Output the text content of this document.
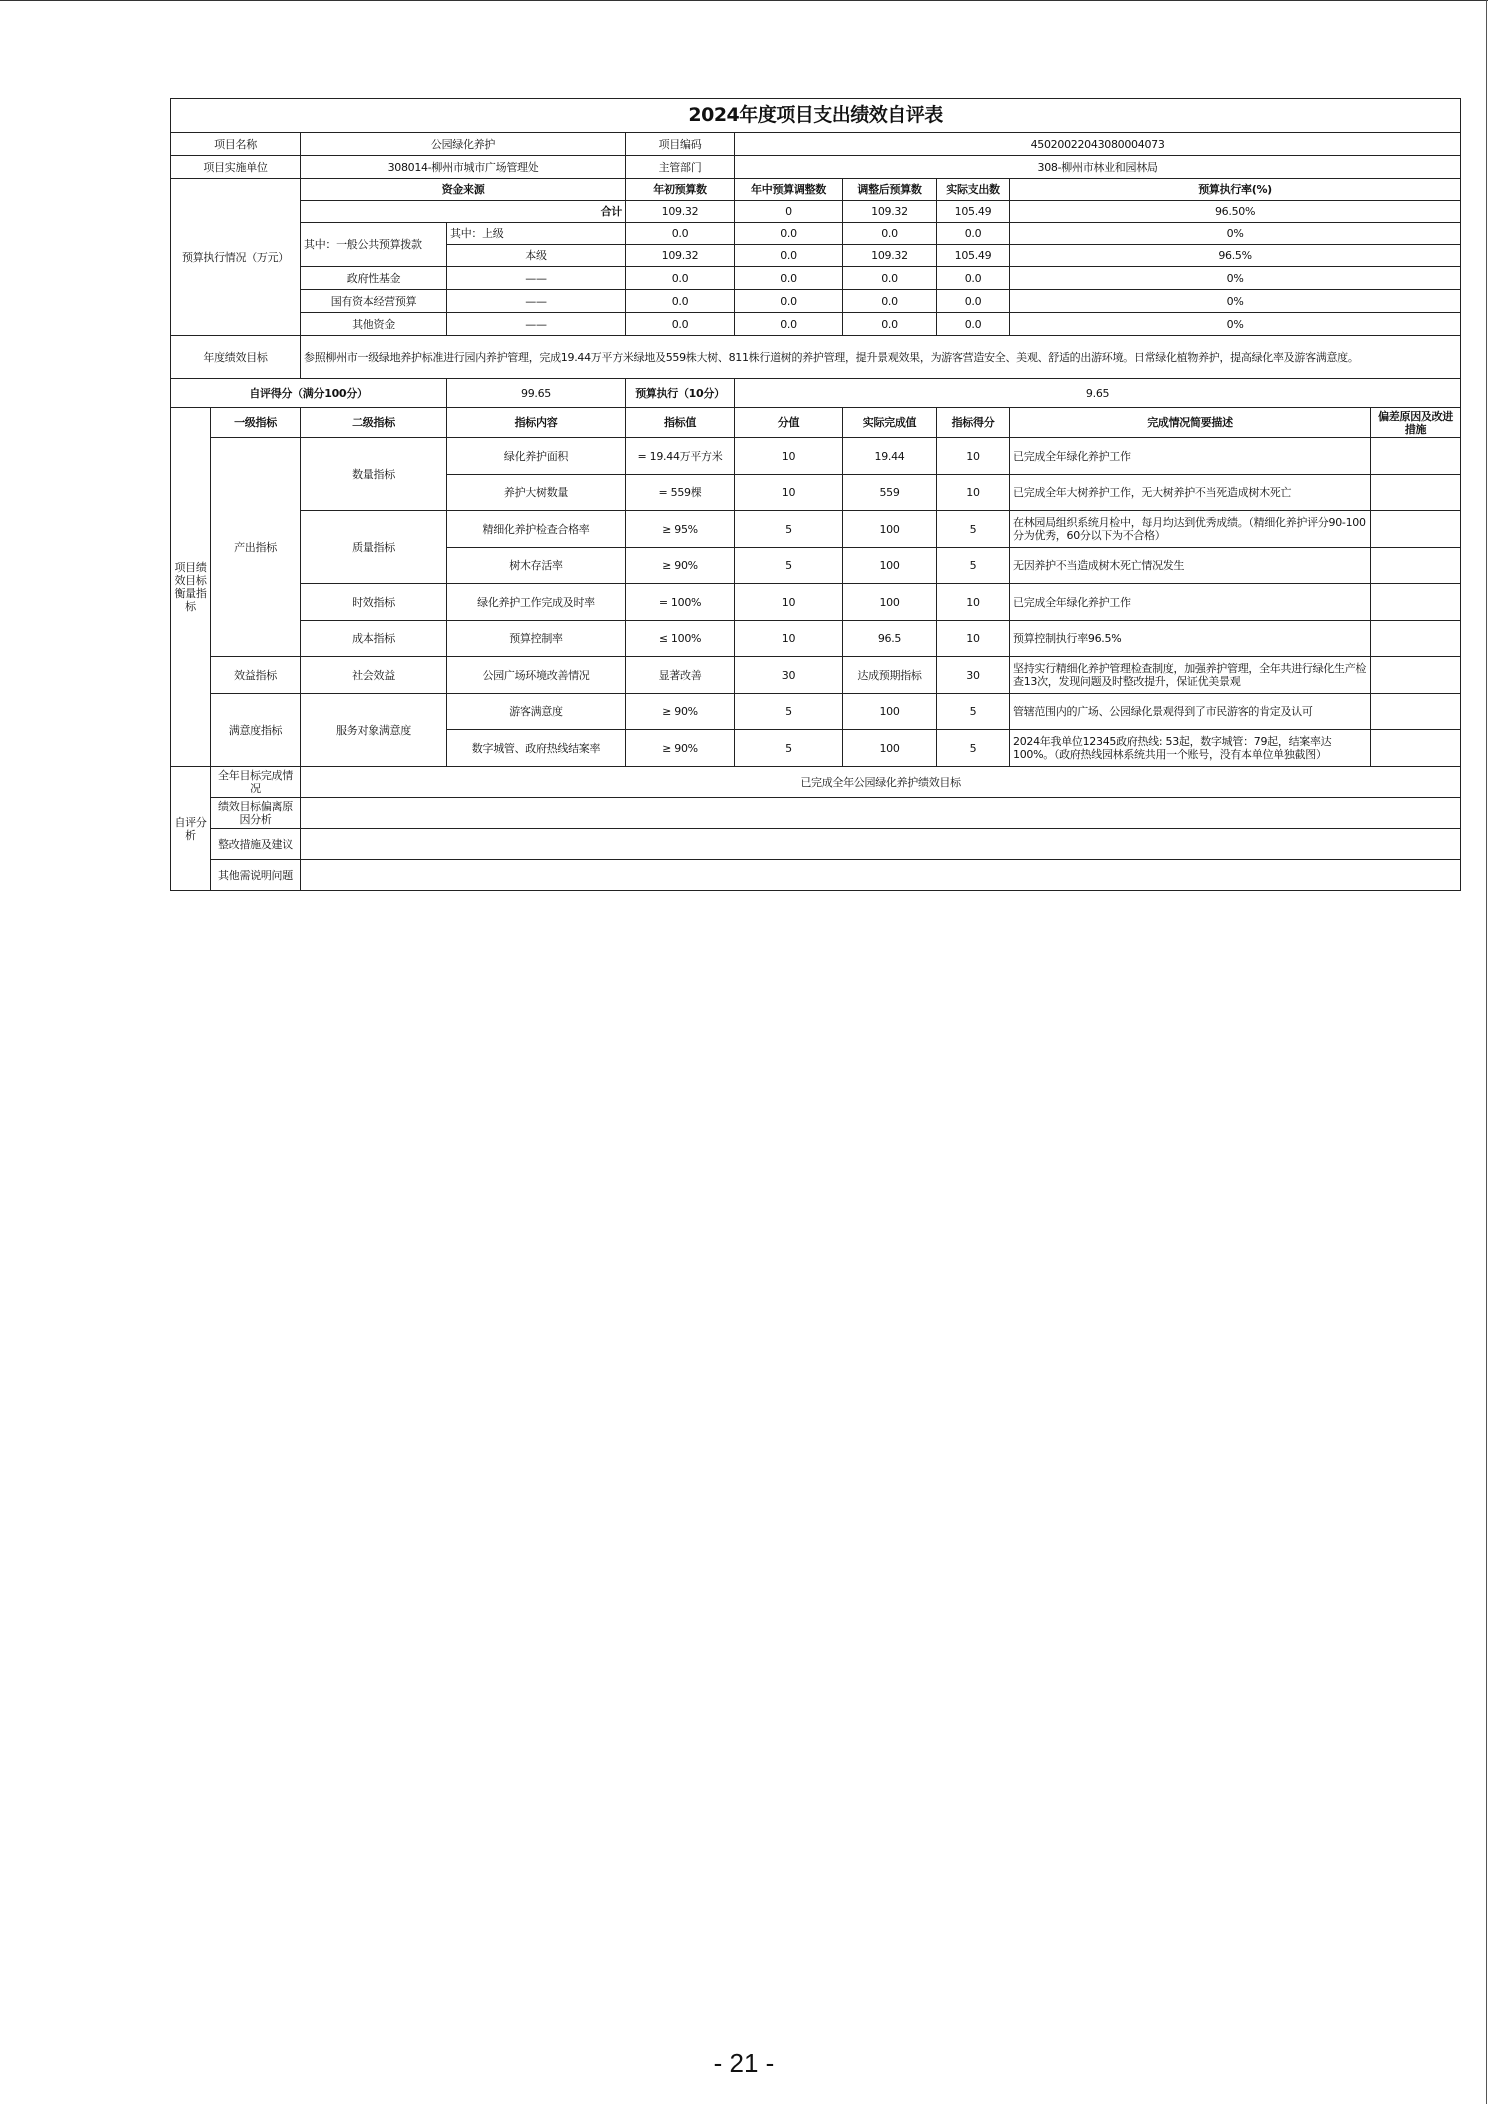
2024年度项目支出绩效自评表									
项目名称		公园绿化养护		项目编码	45020022043080004073				
项目实施单位		308014-柳州市城市广场管理处		主管部门	308-柳州市林业和园林局				
预算执行情况（万元）		资金来源		年初预算数	年中预算调整数	调整后预算数	实际支出数	预算执行率(%)	
		合计		109.32	0	109.32	105.49	96.50%	
		其中：一般公共预算拨款	其中：上级	0.0	0.0	0.0	0.0	0%	
			本级	109.32	0.0	109.32	105.49	96.5%	
		政府性基金	——	0.0	0.0	0.0	0.0	0%	
		国有资本经营预算	——	0.0	0.0	0.0	0.0	0%	
		其他资金	——	0.0	0.0	0.0	0.0	0%	
年度绩效目标		参照柳州市一级绿地养护标准进行园内养护管理，完成19.44万平方米绿地及559株大树、811株行道树的养护管理，提升景观效果，为游客营造安全、美观、舒适的出游环境。日常绿化植物养护，提高绿化率及游客满意度。							
自评得分（满分100分）			99.65	预算执行（10分）	9.65				
项目绩效目标衡量指标	一级指标	二级指标	指标内容	指标值	分值	实际完成值	指标得分	完成情况简要描述	偏差原因及改进措施
	产出指标	数量指标	绿化养护面积	= 19.44万平方米	10	19.44	10	已完成全年绿化养护工作	
			养护大树数量	= 559棵	10	559	10	已完成全年大树养护工作，无大树养护不当死造成树木死亡	
		质量指标	精细化养护检查合格率	≥ 95%	5	100	5	在林园局组织系统月检中，每月均达到优秀成绩。（精细化养护评分90-100分为优秀，60分以下为不合格）	
			树木存活率	≥ 90%	5	100	5	无因养护不当造成树木死亡情况发生	
		时效指标	绿化养护工作完成及时率	= 100%	10	100	10	已完成全年绿化养护工作	
		成本指标	预算控制率	≤ 100%	10	96.5	10	预算控制执行率96.5%	
	效益指标	社会效益	公园广场环境改善情况	显著改善	30	达成预期指标	30	坚持实行精细化养护管理检查制度，加强养护管理，全年共进行绿化生产检查13次，发现问题及时整改提升，保证优美景观	
	满意度指标	服务对象满意度	游客满意度	≥ 90%	5	100	5	管辖范围内的广场、公园绿化景观得到了市民游客的肯定及认可	
			数字城管、政府热线结案率	≥ 90%	5	100	5	2024年我单位12345政府热线: 53起，数字城管：79起，结案率达100%。（政府热线园林系统共用一个账号，没有本单位单独截图）	
自评分析	全年目标完成情况	已完成全年公园绿化养护绩效目标							
	绩效目标偏离原因分析								
	整改措施及建议								
	其他需说明问题								
- 21 -
